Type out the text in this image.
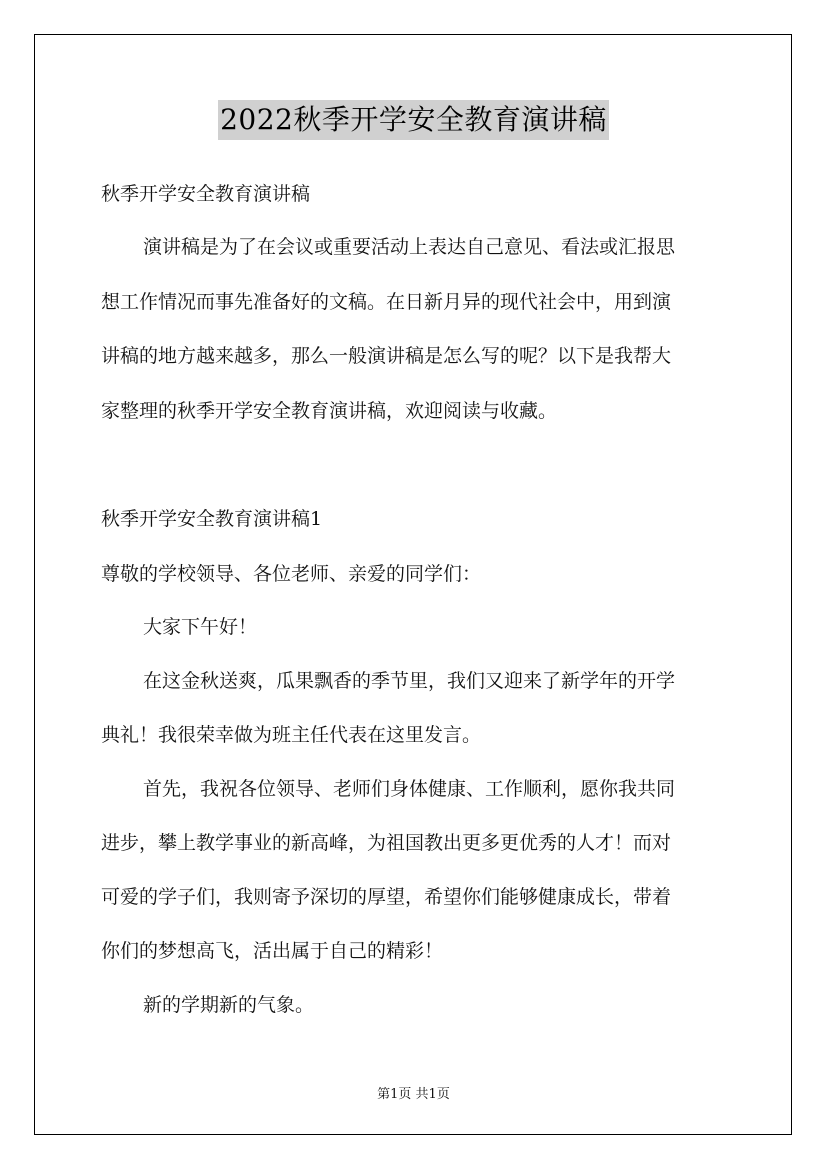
2022秋季开学安全教育演讲稿
秋季开学安全教育演讲稿
演讲稿是为了在会议或重要活动上表达自己意见、看法或汇报思
想工作情况而事先准备好的文稿。在日新月异的现代社会中，用到演
讲稿的地方越来越多，那么一般演讲稿是怎么写的呢？以下是我帮大
家整理的秋季开学安全教育演讲稿，欢迎阅读与收藏。
秋季开学安全教育演讲稿1
尊敬的学校领导、各位老师、亲爱的同学们：
大家下午好！
在这金秋送爽，瓜果飘香的季节里，我们又迎来了新学年的开学
典礼！我很荣幸做为班主任代表在这里发言。
首先，我祝各位领导、老师们身体健康、工作顺利，愿你我共同
进步，攀上教学事业的新高峰，为祖国教出更多更优秀的人才！而对
可爱的学子们，我则寄予深切的厚望，希望你们能够健康成长，带着
你们的梦想高飞，活出属于自己的精彩！
新的学期新的气象。
第1页 共1页
